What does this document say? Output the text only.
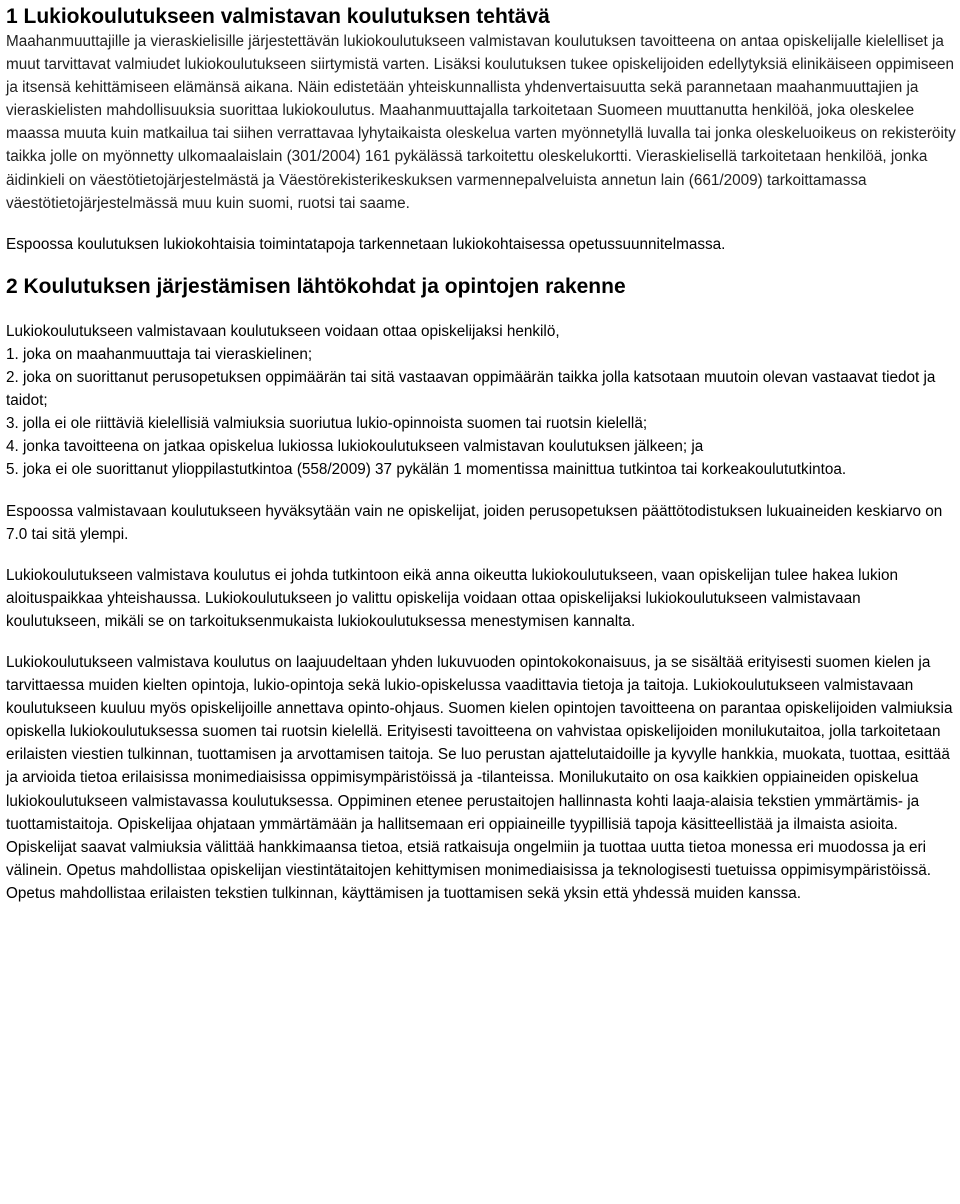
1 Lukiokoulutukseen valmistavan koulutuksen tehtävä

Maahanmuuttajille ja vieraskielisille järjestettävän lukiokoulutukseen valmistavan koulutuksen tavoitteena on antaa opiskelijalle kielelliset ja muut tarvittavat valmiudet lukiokoulutukseen siirtymistä varten. Lisäksi koulutuksen tukee opiskelijoiden edellytyksiä elinikäiseen oppimiseen ja itsensä kehittämiseen elämänsä aikana. Näin edistetään yhteiskunnallista yhdenvertaisuutta sekä parannetaan maahanmuuttajien ja vieraskielisten mahdollisuuksia suorittaa lukiokoulutus. Maahanmuuttajalla tarkoitetaan Suomeen muuttanutta henkilöä, joka oleskelee maassa muuta kuin matkailua tai siihen verrattavaa lyhytaikaista oleskelua varten myönnetyllä luvalla tai jonka oleskeluoikeus on rekisteröity taikka jolle on myönnetty ulkomaalaislain (301/2004) 161 pykälässä tarkoitettu oleskelukortti. Vieraskielisellä tarkoitetaan henkilöä, jonka äidinkieli on väestötietojärjestelmästä ja Väestörekisterikeskuksen varmennepalveluista annetun lain (661/2009) tarkoittamassa väestötietojärjestelmässä muu kuin suomi, ruotsi tai saame.

Espoossa koulutuksen lukiokohtaisia toimintatapoja tarkennetaan lukiokohtaisessa opetussuunnitelmassa.

2 Koulutuksen järjestämisen lähtökohdat ja opintojen rakenne

Lukiokoulutukseen valmistavaan koulutukseen voidaan ottaa opiskelijaksi henkilö,

1. joka on maahanmuuttaja tai vieraskielinen;
2. joka on suorittanut perusopetuksen oppimäärän tai sitä vastaavan oppimäärän taikka jolla katsotaan muutoin olevan vastaavat tiedot ja taidot;
3. jolla ei ole riittäviä kielellisiä valmiuksia suoriutua lukio-opinnoista suomen tai ruotsin kielellä;
4. jonka tavoitteena on jatkaa opiskelua lukiossa lukiokoulutukseen valmistavan koulutuksen jälkeen; ja
5. joka ei ole suorittanut ylioppilastutkintoa (558/2009) 37 pykälän 1 momentissa mainittua tutkintoa tai korkeakoulututkintoa.

Espoossa valmistavaan koulutukseen hyväksytään vain ne opiskelijat, joiden perusopetuksen päättötodistuksen lukuaineiden keskiarvo on 7.0 tai sitä ylempi.

Lukiokoulutukseen valmistava koulutus ei johda tutkintoon eikä anna oikeutta lukiokoulutukseen, vaan opiskelijan tulee hakea lukion aloituspaikkaa yhteishaussa. Lukiokoulutukseen jo valittu opiskelija voidaan ottaa opiskelijaksi lukiokoulutukseen valmistavaan koulutukseen, mikäli se on tarkoituksenmukaista lukiokoulutuksessa menestymisen kannalta.

Lukiokoulutukseen valmistava koulutus on laajuudeltaan yhden lukuvuoden opintokokonaisuus, ja se sisältää erityisesti suomen kielen ja tarvittaessa muiden kielten opintoja, lukio-opintoja sekä lukio-opiskelussa vaadittavia tietoja ja taitoja. Lukiokoulutukseen valmistavaan koulutukseen kuuluu myös opiskelijoille annettava opinto-ohjaus. Suomen kielen opintojen tavoitteena on parantaa opiskelijoiden valmiuksia opiskella lukiokoulutuksessa suomen tai ruotsin kielellä. Erityisesti tavoitteena on vahvistaa opiskelijoiden monilukutaitoa, jolla tarkoitetaan erilaisten viestien tulkinnan, tuottamisen ja arvottamisen taitoja. Se luo perustan ajattelutaidoille ja kyvylle hankkia, muokata, tuottaa, esittää ja arvioida tietoa erilaisissa monimediaisissa oppimisympäristöissä ja -tilanteissa. Monilukutaito on osa kaikkien oppiaineiden opiskelua lukiokoulutukseen valmistavassa koulutuksessa. Oppiminen etenee perustaitojen hallinnasta kohti laaja-alaisia tekstien ymmärtämis- ja tuottamistaitoja. Opiskelijaa ohjataan ymmärtämään ja hallitsemaan eri oppiaineille tyypillisiä tapoja käsitteellistää ja ilmaista asioita. Opiskelijat saavat valmiuksia välittää hankkimaansa tietoa, etsiä ratkaisuja ongelmiin ja tuottaa uutta tietoa monessa eri muodossa ja eri välinein. Opetus mahdollistaa opiskelijan viestintätaitojen kehittymisen monimediaisissa ja teknologisesti tuetuissa oppimisympäristöissä. Opetus mahdollistaa erilaisten tekstien tulkinnan, käyttämisen ja tuottamisen sekä yksin että yhdessä muiden kanssa.
